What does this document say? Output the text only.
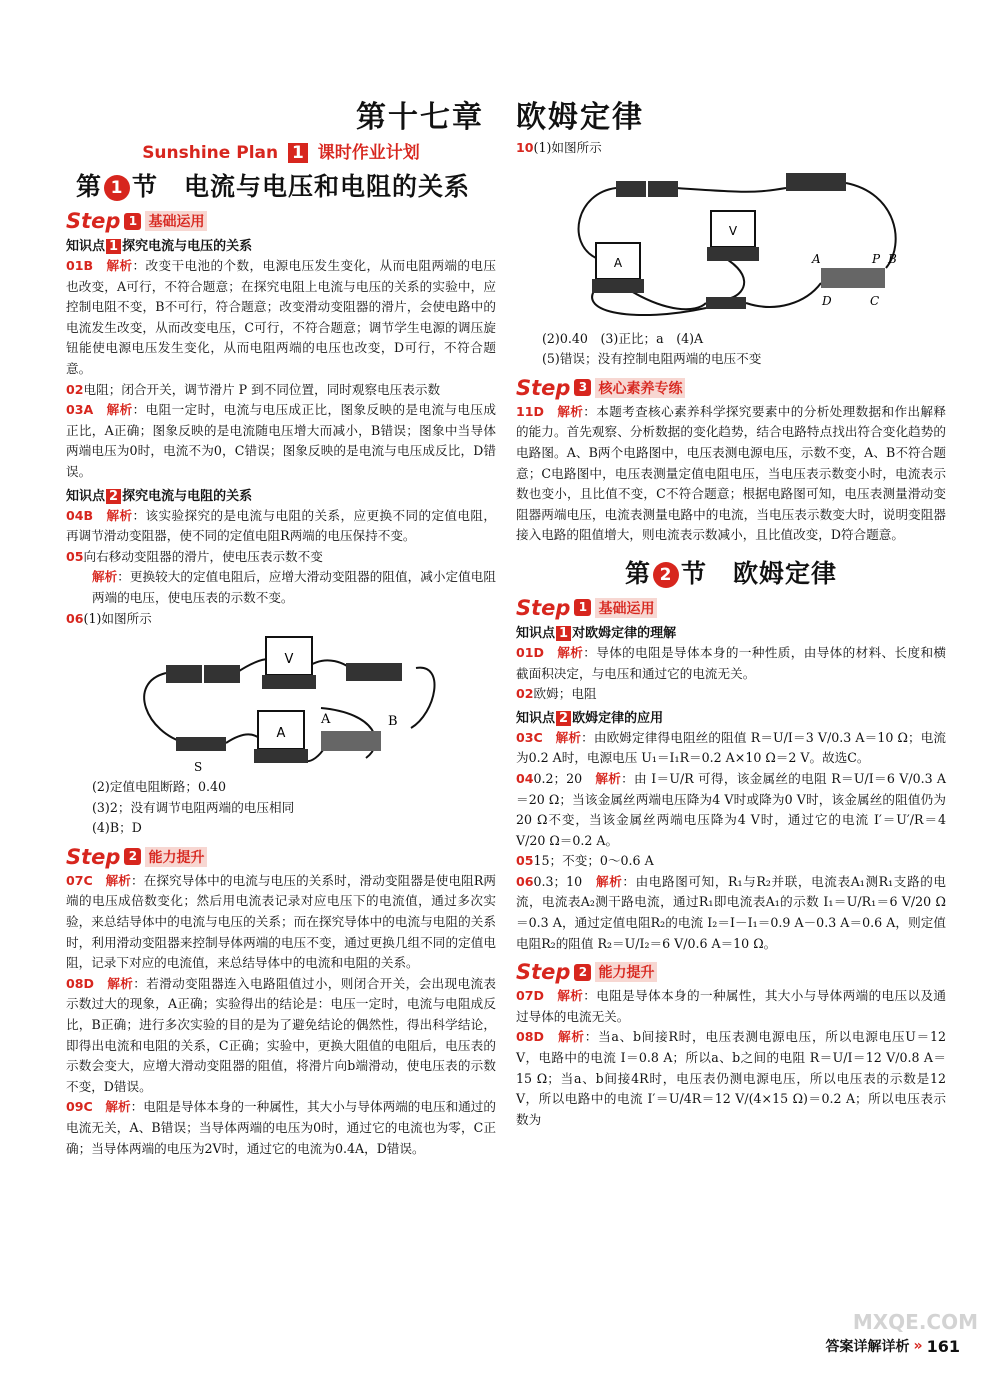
第十七章　欧姆定律
Sunshine Plan 1 课时作业计划
第 1 节　电流与电压和电阻的关系
Step 1 基础运用
知识点 1 探究电流与电压的关系
01B　 解析：改变干电池的个数，电源电压发生变化，从而电阻两端的电压也改变，A可行，不符合题意；在探究电阻上电流与电压的关系的实验中，应控制电阻不变，B不可行，符合题意；改变滑动变阻器的滑片，会使电路中的电流发生改变，从而改变电压，C可行，不符合题意；调节学生电源的调压旋钮能使电源电压发生变化，从而电阻两端的电压也改变，D可行，不符合题意。
02电阻；闭合开关，调节滑片 P 到不同位置，同时观察电压表示数
03A　 解析：电阻一定时，电流与电压成正比，图象反映的是电流与电压成正比，A正确；图象反映的是电流随电压增大而减小，B错误；图象中当导体两端电压为0时，电流不为0，C错误；图象反映的是电流与电压成反比，D错误。
知识点 2 探究电流与电阻的关系
04B　 解析：该实验探究的是电流与电阻的关系，应更换不同的定值电阻，再调节滑动变阻器，使不同的定值电阻R两端的电压保持不变。
05向右移动变阻器的滑片，使电压表示数不变
解析：更换较大的定值电阻后，应增大滑动变阻器的阻值，减小定值电阻两端的电压，使电压表的示数不变。
06(1)如图所示
V
A
A	B
S
(2)定值电阻断路；0.40
(3)2；没有调节电阻两端的电压相同
(4)B；D
Step 2 能力提升
07C　 解析：在探究导体中的电流与电压的关系时，滑动变阻器是使电阻R两端的电压成倍数变化；然后用电流表记录对应电压下的电流值，通过多次实验，来总结导体中的电流与电压的关系；而在探究导体中的电流与电阻的关系时，利用滑动变阻器来控制导体两端的电压不变，通过更换几组不同的定值电阻，记录下对应的电流值，来总结导体中的电流和电阻的关系。
08D　 解析：若滑动变阻器连入电路阻值过小，则闭合开关，会出现电流表示数过大的现象，A正确；实验得出的结论是：电压一定时，电流与电阻成反比，B正确；进行多次实验的目的是为了避免结论的偶然性，得出科学结论，即得出电流和电阻的关系，C正确；实验中，更换大阻值的电阻后，电压表的示数会变大，应增大滑动变阻器的阻值，将滑片向b端滑动，使电压表的示数不变，D错误。
09C　 解析：电阻是导体本身的一种属性，其大小与导体两端的电压和通过的电流无关，A、B错误；当导体两端的电压为0时，通过它的电流也为零，C正确；当导体两端的电压为2V时，通过它的电流为0.4A，D错误。
10(1)如图所示
V
A	A	P B
D	C
(2)0.40　(3)正比；a　(4)A
(5)错误；没有控制电阻两端的电压不变
Step 3 核心素养专练
11D　 解析：本题考查核心素养科学探究要素中的分析处理数据和作出解释的能力。首先观察、分析数据的变化趋势，结合电路特点找出符合变化趋势的电路图。A、B两个电路图中，电压表测电源电压，示数不变，A、B不符合题意；C电路图中，电压表测量定值电阻电压，当电压表示数变小时，电流表示数也变小，且比值不变，C不符合题意；根据电路图可知，电压表测量滑动变阻器两端电压，电流表测量电路中的电流，当电压表示数变大时，说明变阻器接入电路的阻值增大，则电流表示数减小，且比值改变，D符合题意。
第 2 节　欧姆定律
Step 1 基础运用
知识点 1 对欧姆定律的理解
01D　 解析：导体的电阻是导体本身的一种性质，由导体的材料、长度和横截面积决定，与电压和通过它的电流无关。
02欧姆；电阻
知识点 2 欧姆定律的应用
03C　 解析：由欧姆定律得电阻丝的阻值 R＝U/I＝3 V/0.3 A＝10 Ω；电流为0.2 A时，电源电压 U₁＝I₁R＝0.2 A×10 Ω＝2 V。故选C。
040.2；20　 解析：由 I＝U/R 可得，该金属丝的电阻 R＝U/I＝6 V/0.3 A＝20 Ω；当该金属丝两端电压降为4 V时或降为0 V时，该金属丝的阻值仍为20 Ω不变，当该金属丝两端电压降为4 V时，通过它的电流 I′＝U′/R＝4 V/20 Ω＝0.2 A。
0515；不变；0～0.6 A
060.3；10　 解析：由电路图可知，R₁与R₂并联，电流表A₁测R₁支路的电流，电流表A₂测干路电流，通过R₁即电流表A₁的示数 I₁＝U/R₁＝6 V/20 Ω＝0.3 A，通过定值电阻R₂的电流 I₂＝I－I₁＝0.9 A－0.3 A＝0.6 A，则定值电阻R₂的阻值 R₂＝U/I₂＝6 V/0.6 A＝10 Ω。
Step 2 能力提升
07D　 解析：电阻是导体本身的一种属性，其大小与导体两端的电压以及通过导体的电流无关。
08D　 解析：当a、b间接R时，电压表测电源电压，所以电源电压U＝12 V，电路中的电流 I＝0.8 A；所以a、b之间的电阻 R＝U/I＝12 V/0.8 A＝15 Ω；当a、b间接4R时，电压表仍测电源电压，所以电压表的示数是12 V，所以电路中的电流 I′＝U/4R＝12 V/(4×15 Ω)＝0.2 A；所以电压表示数为
答案详解详析 » 161
MXQE.COM
